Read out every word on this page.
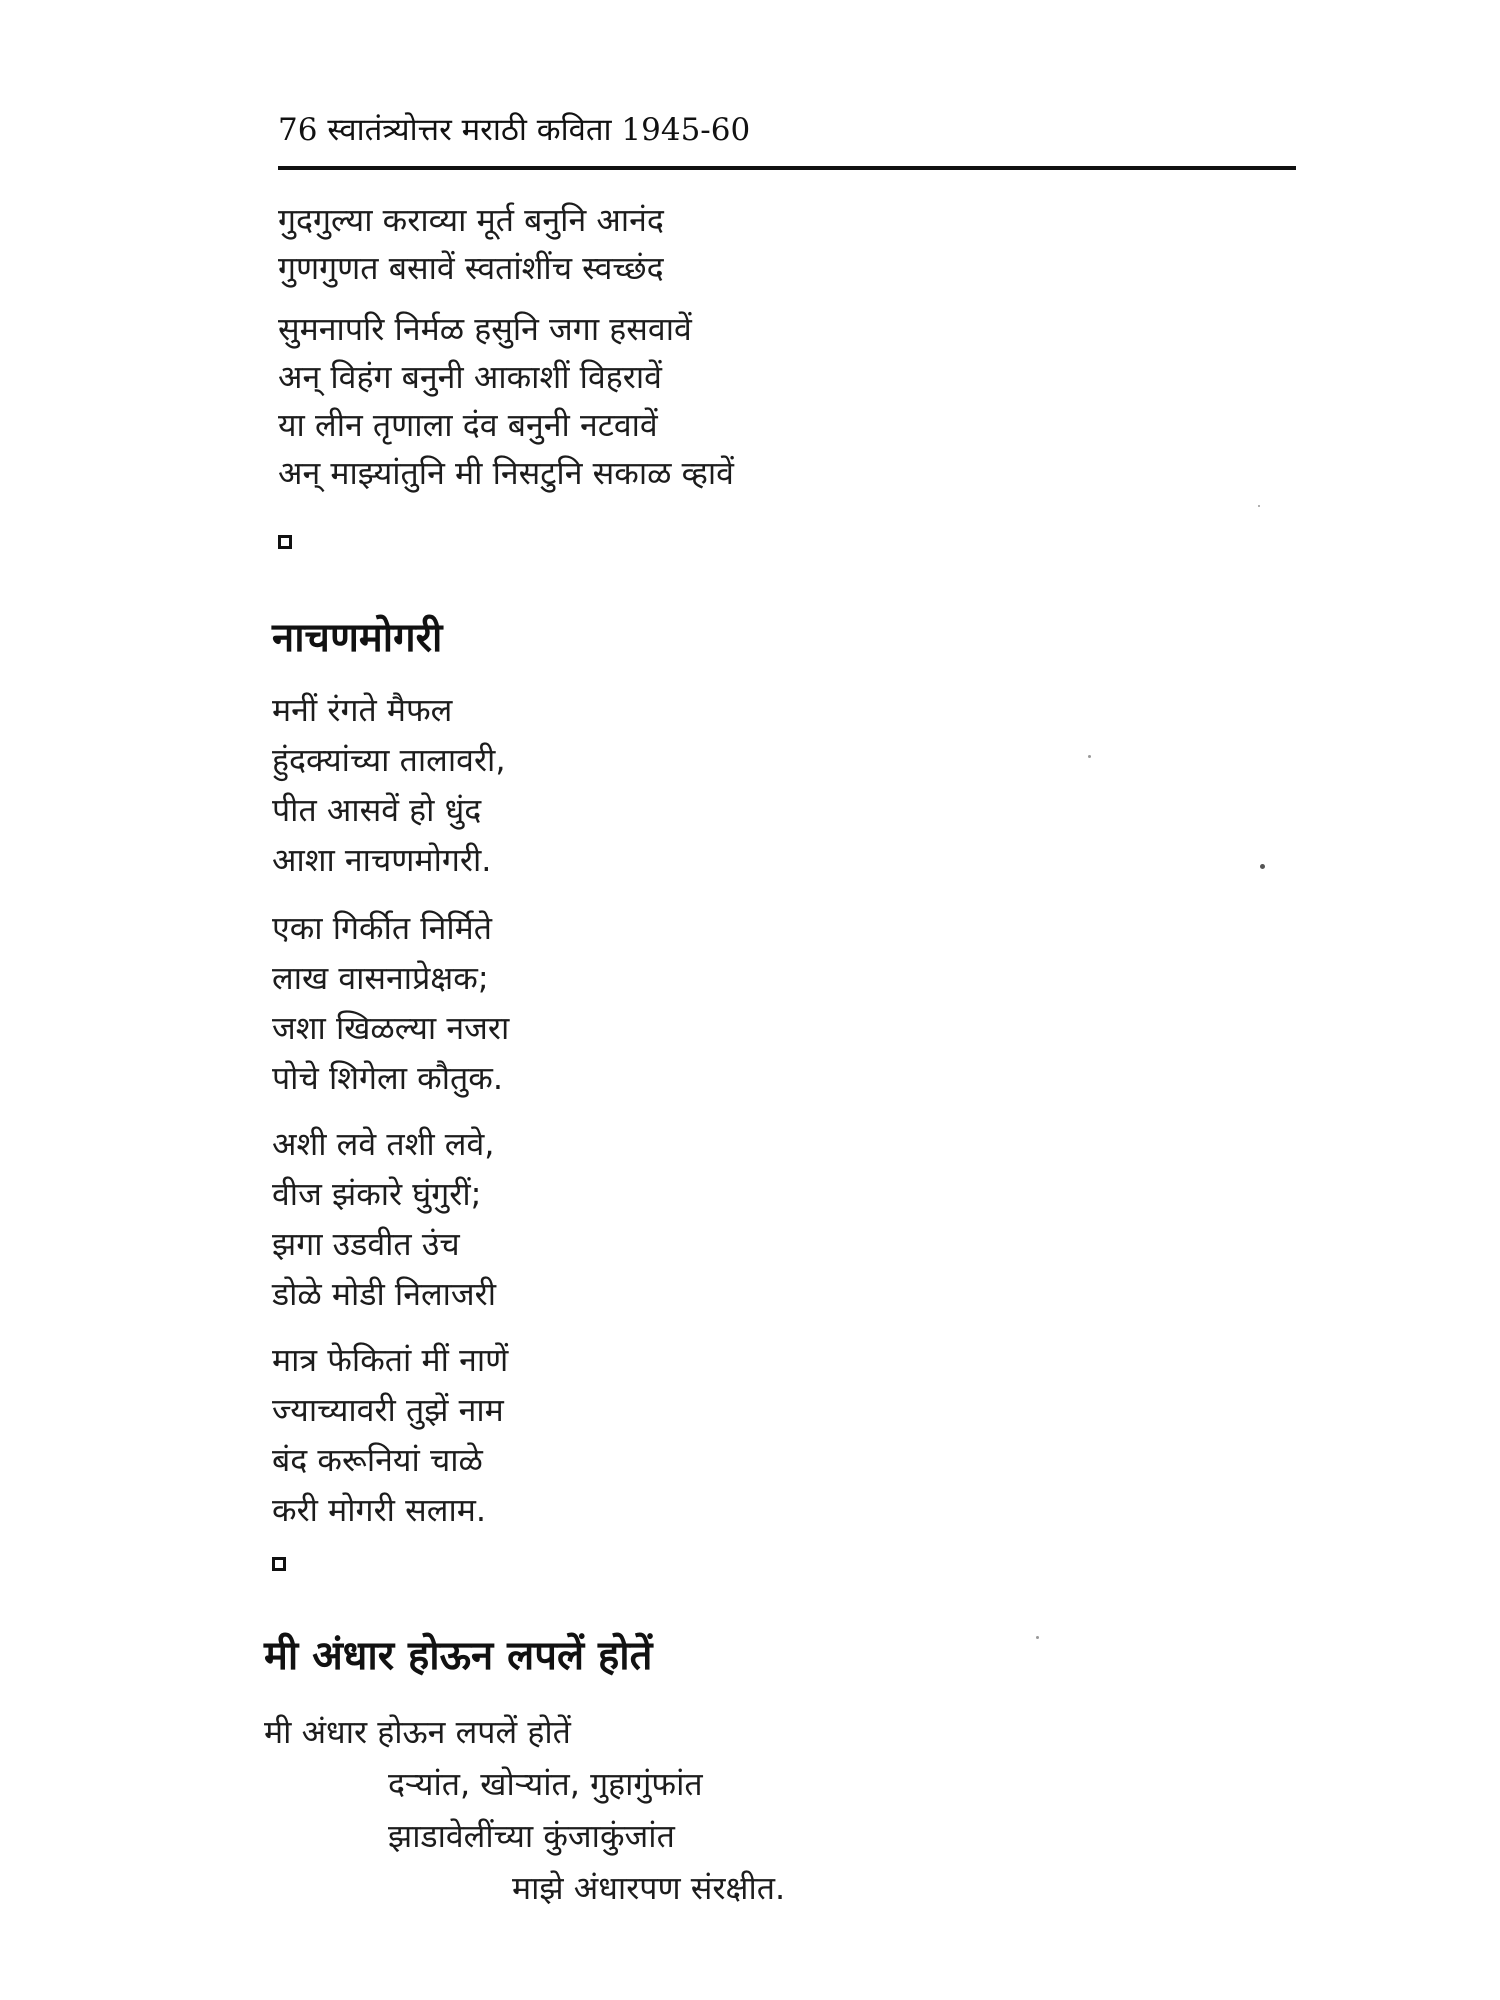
76 स्वातंत्र्योत्तर मराठी कविता 1945-60
गुदगुल्या कराव्या मूर्त बनुनि आनंद
गुणगुणत बसावें स्वतांशींच स्वच्छंद
सुमनापरि निर्मळ हसुनि जगा हसवावें
अन् विहंग बनुनी आकाशीं विहरावें
या लीन तृणाला दंव बनुनी नटवावें
अन् माझ्यांतुनि मी निसटुनि सकाळ व्हावें
नाचणमोगरी
मनीं रंगते मैफल
हुंदक्यांच्या तालावरी,
पीत आसवें हो धुंद
आशा नाचणमोगरी.
एका गिर्कीत निर्मिते
लाख वासनाप्रेक्षक;
जशा खिळल्या नजरा
पोचे शिगेला कौतुक.
अशी लवे तशी लवे,
वीज झंकारे घुंगुरीं;
झगा उडवीत उंच
डोळे मोडी निलाजरी
मात्र फेकितां मीं नाणें
ज्याच्यावरी तुझें नाम
बंद करूनियां चाळे
करी मोगरी सलाम.
मी अंधार होऊन लपलें होतें
मी अंधार होऊन लपलें होतें
दऱ्यांत, खोऱ्यांत, गुहागुंफांत
झाडावेलींच्या कुंजाकुंजांत
माझे अंधारपण संरक्षीत.
